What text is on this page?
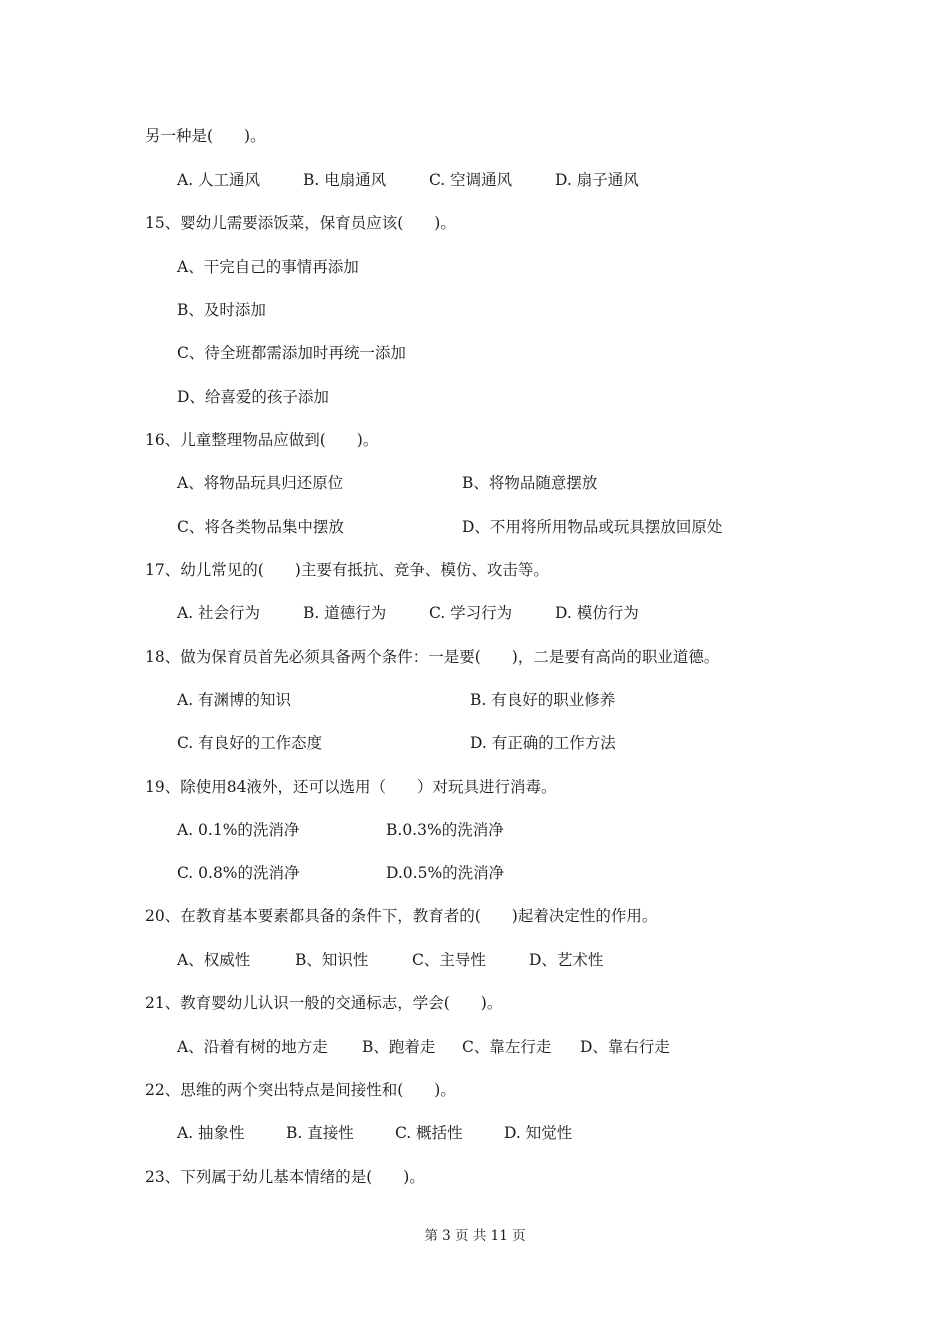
另一种是(　　)。
A. 人工通风	B. 电扇通风	C. 空调通风	D. 扇子通风
15、婴幼儿需要添饭菜，保育员应该(　　)。
A、干完自己的事情再添加
B、及时添加
C、待全班都需添加时再统一添加
D、给喜爱的孩子添加
16、儿童整理物品应做到(　　)。
A、将物品玩具归还原位	B、将物品随意摆放
C、将各类物品集中摆放	D、不用将所用物品或玩具摆放回原处
17、幼儿常见的(　　)主要有抵抗、竞争、模仿、攻击等。
A. 社会行为	B. 道德行为	C. 学习行为	D. 模仿行为
18、做为保育员首先必须具备两个条件：一是要(　　)，二是要有高尚的职业道德。
A. 有渊博的知识	B. 有良好的职业修养
C. 有良好的工作态度	D. 有正确的工作方法
19、除使用84液外，还可以选用（　　）对玩具进行消毒。
A. 0.1%的洗消净	B.0.3%的洗消净
C. 0.8%的洗消净	D.0.5%的洗消净
20、在教育基本要素都具备的条件下，教育者的(　　)起着决定性的作用。
A、权威性	B、知识性	C、主导性	D、艺术性
21、教育婴幼儿认识一般的交通标志，学会(　　)。
A、沿着有树的地方走 B、跑着走 C、靠左行走 D、靠右行走
22、思维的两个突出特点是间接性和(　　)。
A. 抽象性	B. 直接性	C. 概括性	D. 知觉性
23、下列属于幼儿基本情绪的是(　　)。
第 3 页 共 11 页
